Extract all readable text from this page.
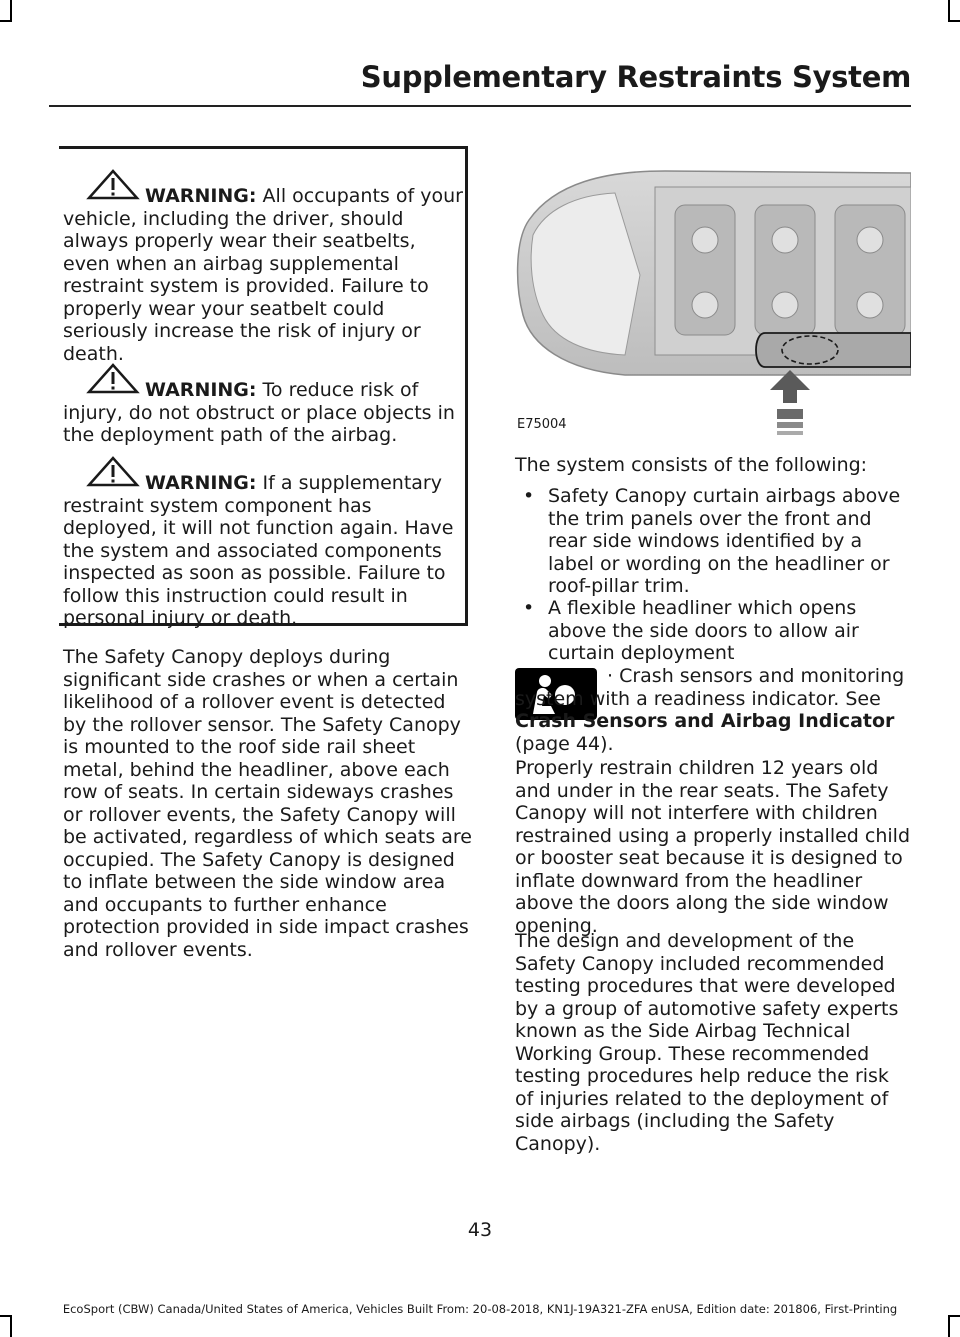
Supplementary Restraints System
WARNING: All occupants of your vehicle, including the driver, should always properly wear their seatbelts, even when an airbag supplemental restraint system is provided. Failure to properly wear your seatbelt could seriously increase the risk of injury or death.
WARNING: To reduce risk of injury, do not obstruct or place objects in the deployment path of the airbag.
WARNING: If a supplementary restraint system component has deployed, it will not function again. Have the system and associated components inspected as soon as possible. Failure to follow this instruction could result in personal injury or death.
The Safety Canopy deploys during significant side crashes or when a certain likelihood of a rollover event is detected by the rollover sensor. The Safety Canopy is mounted to the roof side rail sheet metal, behind the headliner, above each row of seats. In certain sideways crashes or rollover events, the Safety Canopy will be activated, regardless of which seats are occupied. The Safety Canopy is designed to inflate between the side window area and occupants to further enhance protection provided in side impact crashes and rollover events.
E75004
The system consists of the following:
• Safety Canopy curtain airbags above the trim panels over the front and rear side windows identified by a label or wording on the headliner or roof-pillar trim.
• A flexible headliner which opens above the side doors to allow air curtain deployment
· Crash sensors and monitoring system with a readiness indicator. See Crash Sensors and Airbag Indicator (page 44).
Properly restrain children 12 years old and under in the rear seats. The Safety Canopy will not interfere with children restrained using a properly installed child or booster seat because it is designed to inflate downward from the headliner above the doors along the side window opening.
The design and development of the Safety Canopy included recommended testing procedures that were developed by a group of automotive safety experts known as the Side Airbag Technical Working Group. These recommended testing procedures help reduce the risk of injuries related to the deployment of side airbags (including the Safety Canopy).
43
EcoSport (CBW) Canada/United States of America, Vehicles Built From: 20-08-2018, KN1J-19A321-ZFA enUSA, Edition date: 201806, First-Printing
